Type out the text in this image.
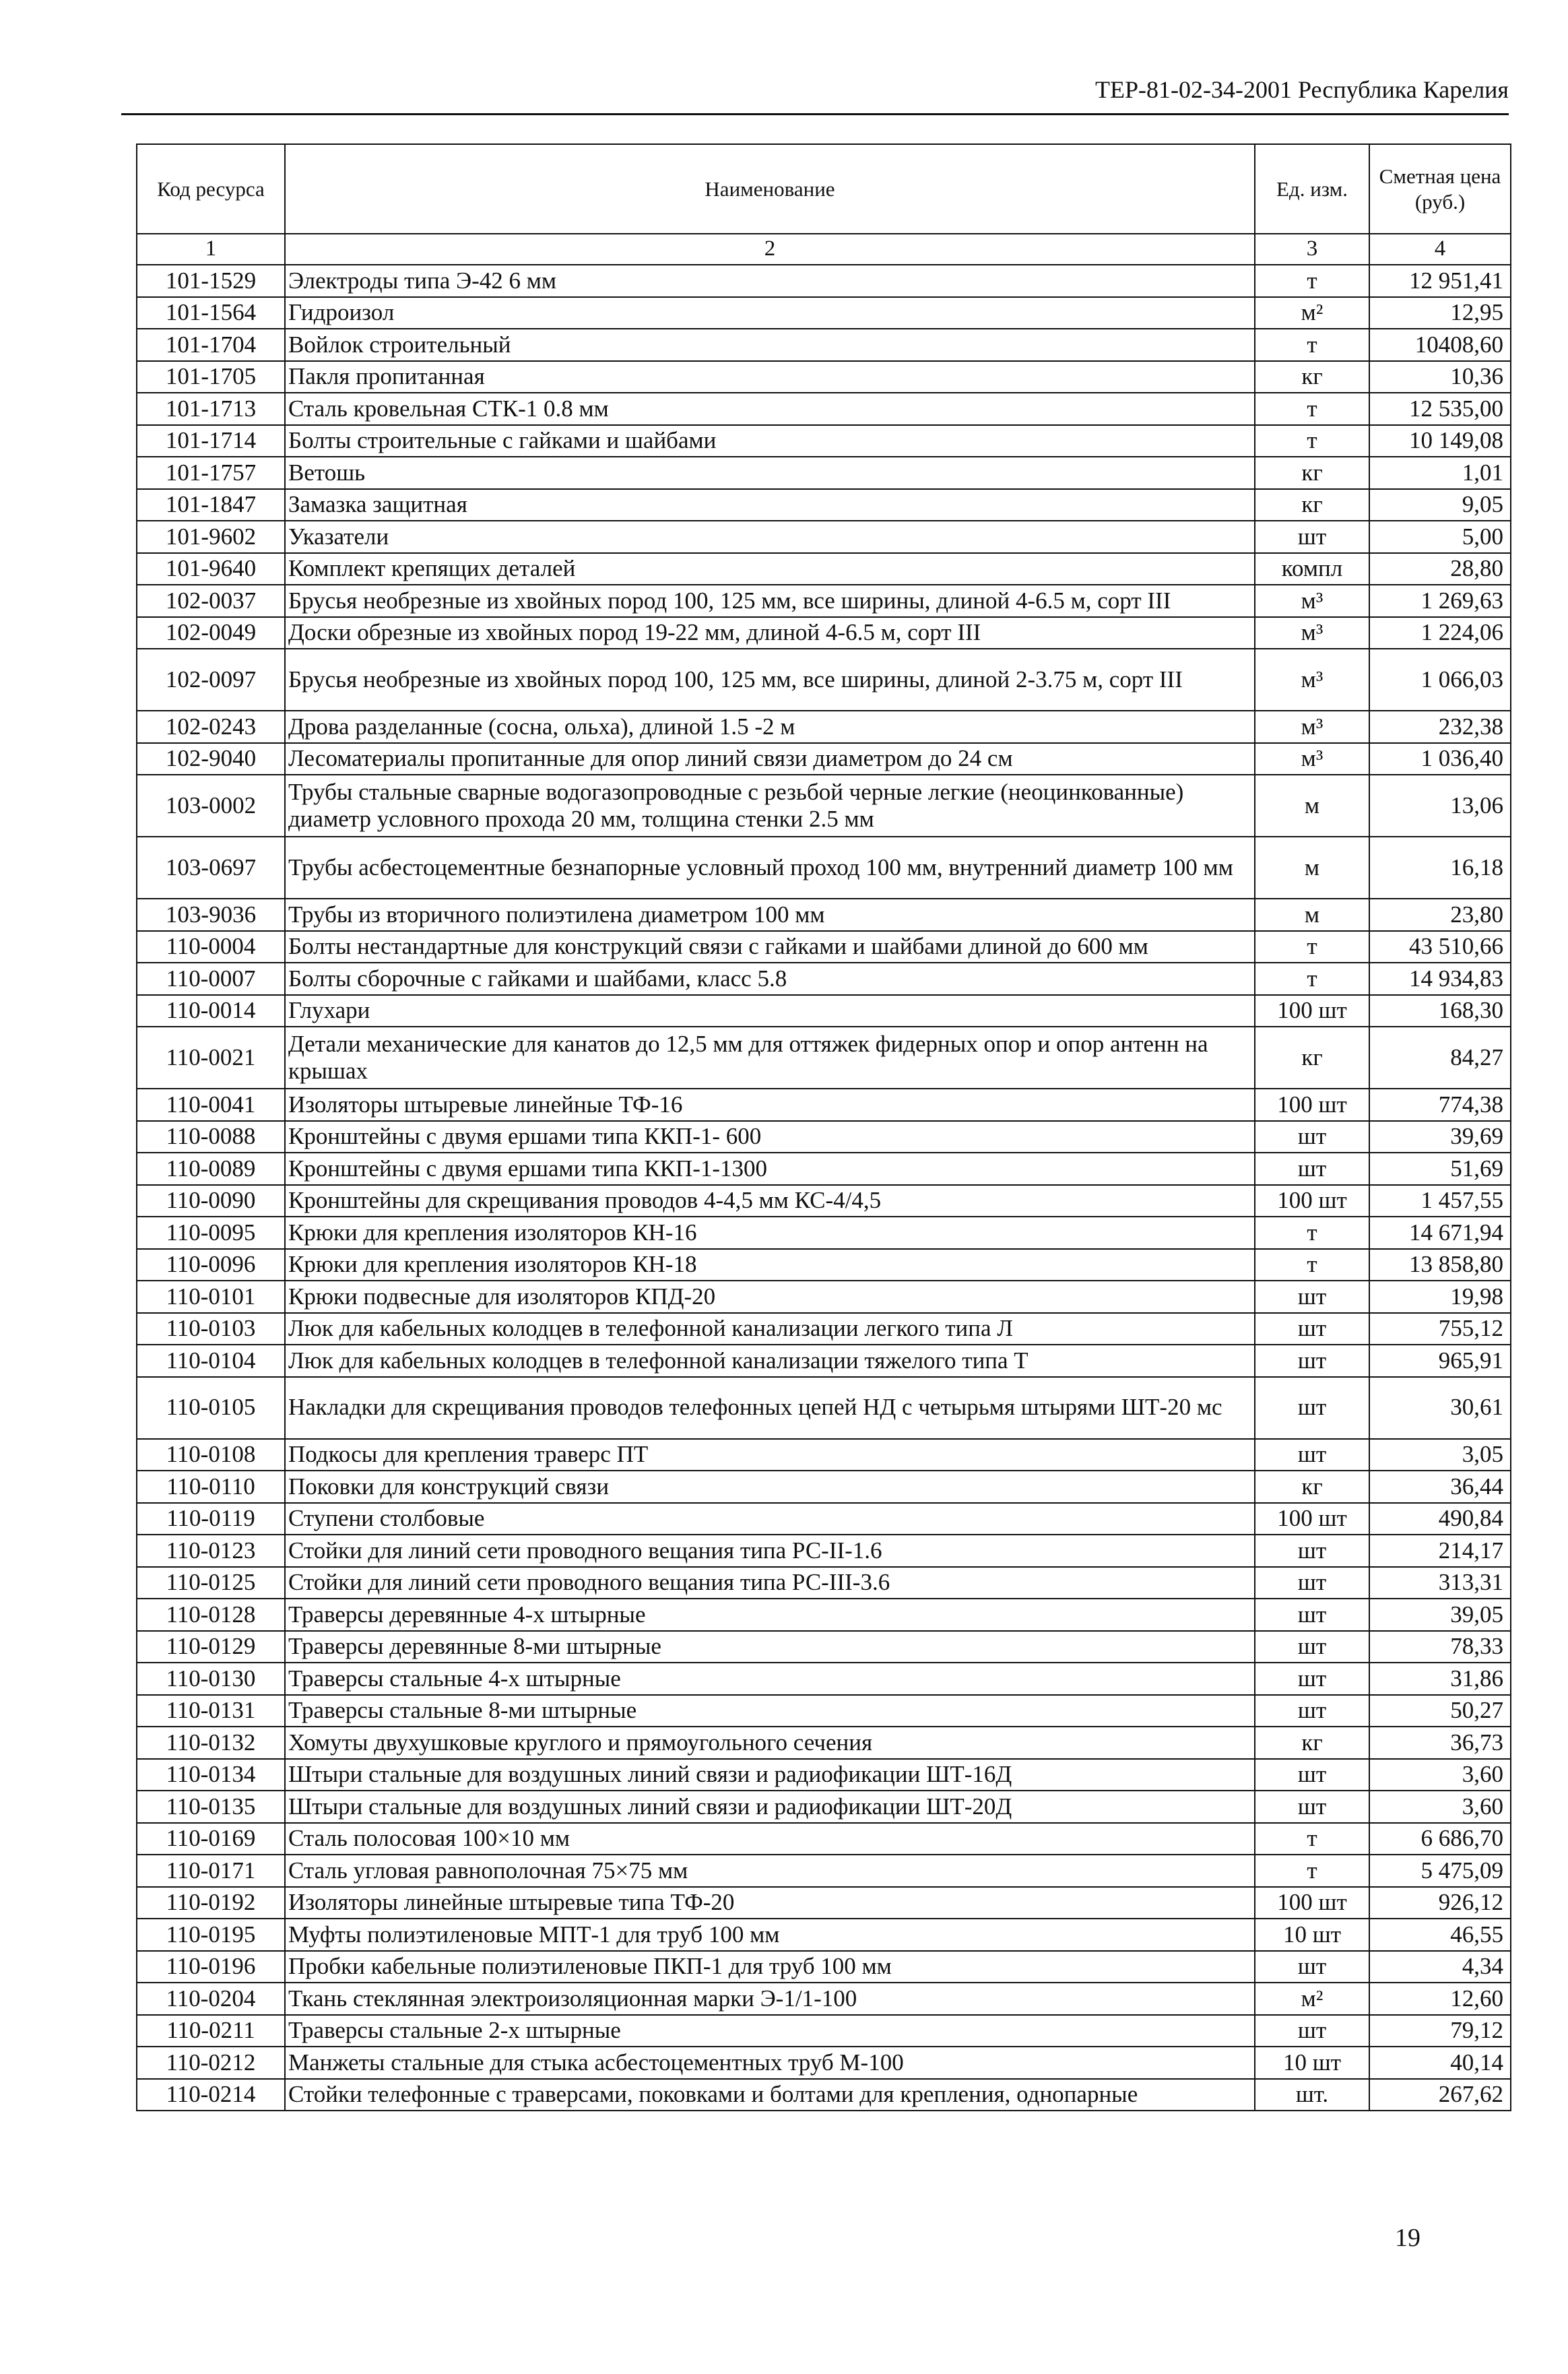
ТЕР-81-02-34-2001 Республика Карелия
Код ресурса	Наименование	Ед. изм.	Сметная цена (руб.)
1	2	3	4
101-1529	Электроды типа Э-42 6 мм	т	12 951,41
101-1564	Гидроизол	м²	12,95
101-1704	Войлок строительный	т	10408,60
101-1705	Пакля пропитанная	кг	10,36
101-1713	Сталь кровельная СТК-1 0.8 мм	т	12 535,00
101-1714	Болты строительные с гайками и шайбами	т	10 149,08
101-1757	Ветошь	кг	1,01
101-1847	Замазка защитная	кг	9,05
101-9602	Указатели	шт	5,00
101-9640	Комплект крепящих деталей	компл	28,80
102-0037	Брусья необрезные из хвойных пород 100, 125 мм, все ширины, длиной 4-6.5 м, сорт III	м³	1 269,63
102-0049	Доски обрезные из хвойных пород 19-22 мм, длиной 4-6.5 м, сорт III	м³	1 224,06
102-0097	Брусья необрезные из хвойных пород 100, 125 мм, все ширины, длиной 2-3.75 м, сорт III	м³	1 066,03
102-0243	Дрова разделанные (сосна, ольха), длиной 1.5 -2 м	м³	232,38
102-9040	Лесоматериалы пропитанные для опор линий связи диаметром до 24 см	м³	1 036,40
103-0002	Трубы стальные сварные водогазопроводные с резьбой черные легкие (неоцинкованные) диаметр условного прохода 20 мм, толщина стенки 2.5 мм	м	13,06
103-0697	Трубы асбестоцементные безнапорные условный проход 100 мм, внутренний диаметр 100 мм	м	16,18
103-9036	Трубы из вторичного полиэтилена диаметром 100 мм	м	23,80
110-0004	Болты нестандартные для конструкций связи с гайками и шайбами длиной до 600 мм	т	43 510,66
110-0007	Болты сборочные с гайками и шайбами, класс 5.8	т	14 934,83
110-0014	Глухари	100 шт	168,30
110-0021	Детали механические для канатов до 12,5 мм для оттяжек фидерных опор и опор антенн на крышах	кг	84,27
110-0041	Изоляторы штыревые линейные ТФ-16	100 шт	774,38
110-0088	Кронштейны с двумя ершами типа ККП-1- 600	шт	39,69
110-0089	Кронштейны с двумя ершами типа ККП-1-1300	шт	51,69
110-0090	Кронштейны для скрещивания проводов 4-4,5 мм КС-4/4,5	100 шт	1 457,55
110-0095	Крюки для крепления изоляторов КН-16	т	14 671,94
110-0096	Крюки для крепления изоляторов КН-18	т	13 858,80
110-0101	Крюки подвесные для изоляторов КПД-20	шт	19,98
110-0103	Люк для кабельных колодцев в телефонной канализации легкого типа Л	шт	755,12
110-0104	Люк для кабельных колодцев в телефонной канализации тяжелого типа Т	шт	965,91
110-0105	Накладки для скрещивания проводов телефонных цепей НД с четырьмя штырями ШТ-20 мс	шт	30,61
110-0108	Подкосы для крепления траверс ПТ	шт	3,05
110-0110	Поковки для конструкций связи	кг	36,44
110-0119	Ступени столбовые	100 шт	490,84
110-0123	Стойки для линий сети проводного вещания типа РС-II-1.6	шт	214,17
110-0125	Стойки для линий сети проводного вещания типа РС-III-3.6	шт	313,31
110-0128	Траверсы деревянные 4-х штырные	шт	39,05
110-0129	Траверсы деревянные 8-ми штырные	шт	78,33
110-0130	Траверсы стальные 4-х штырные	шт	31,86
110-0131	Траверсы стальные 8-ми штырные	шт	50,27
110-0132	Хомуты двухушковые круглого и прямоугольного сечения	кг	36,73
110-0134	Штыри стальные для воздушных линий связи и радиофикации ШТ-16Д	шт	3,60
110-0135	Штыри стальные для воздушных линий связи и радиофикации ШТ-20Д	шт	3,60
110-0169	Сталь полосовая 100×10 мм	т	6 686,70
110-0171	Сталь угловая равнополочная 75×75 мм	т	5 475,09
110-0192	Изоляторы линейные штыревые типа ТФ-20	100 шт	926,12
110-0195	Муфты полиэтиленовые МПТ-1 для труб 100 мм	10 шт	46,55
110-0196	Пробки кабельные полиэтиленовые ПКП-1 для труб 100 мм	шт	4,34
110-0204	Ткань стеклянная электроизоляционная марки Э-1/1-100	м²	12,60
110-0211	Траверсы стальные 2-х штырные	шт	79,12
110-0212	Манжеты стальные для стыка асбестоцементных труб М-100	10 шт	40,14
110-0214	Стойки телефонные с траверсами, поковками и болтами для крепления, однопарные	шт.	267,62
19
